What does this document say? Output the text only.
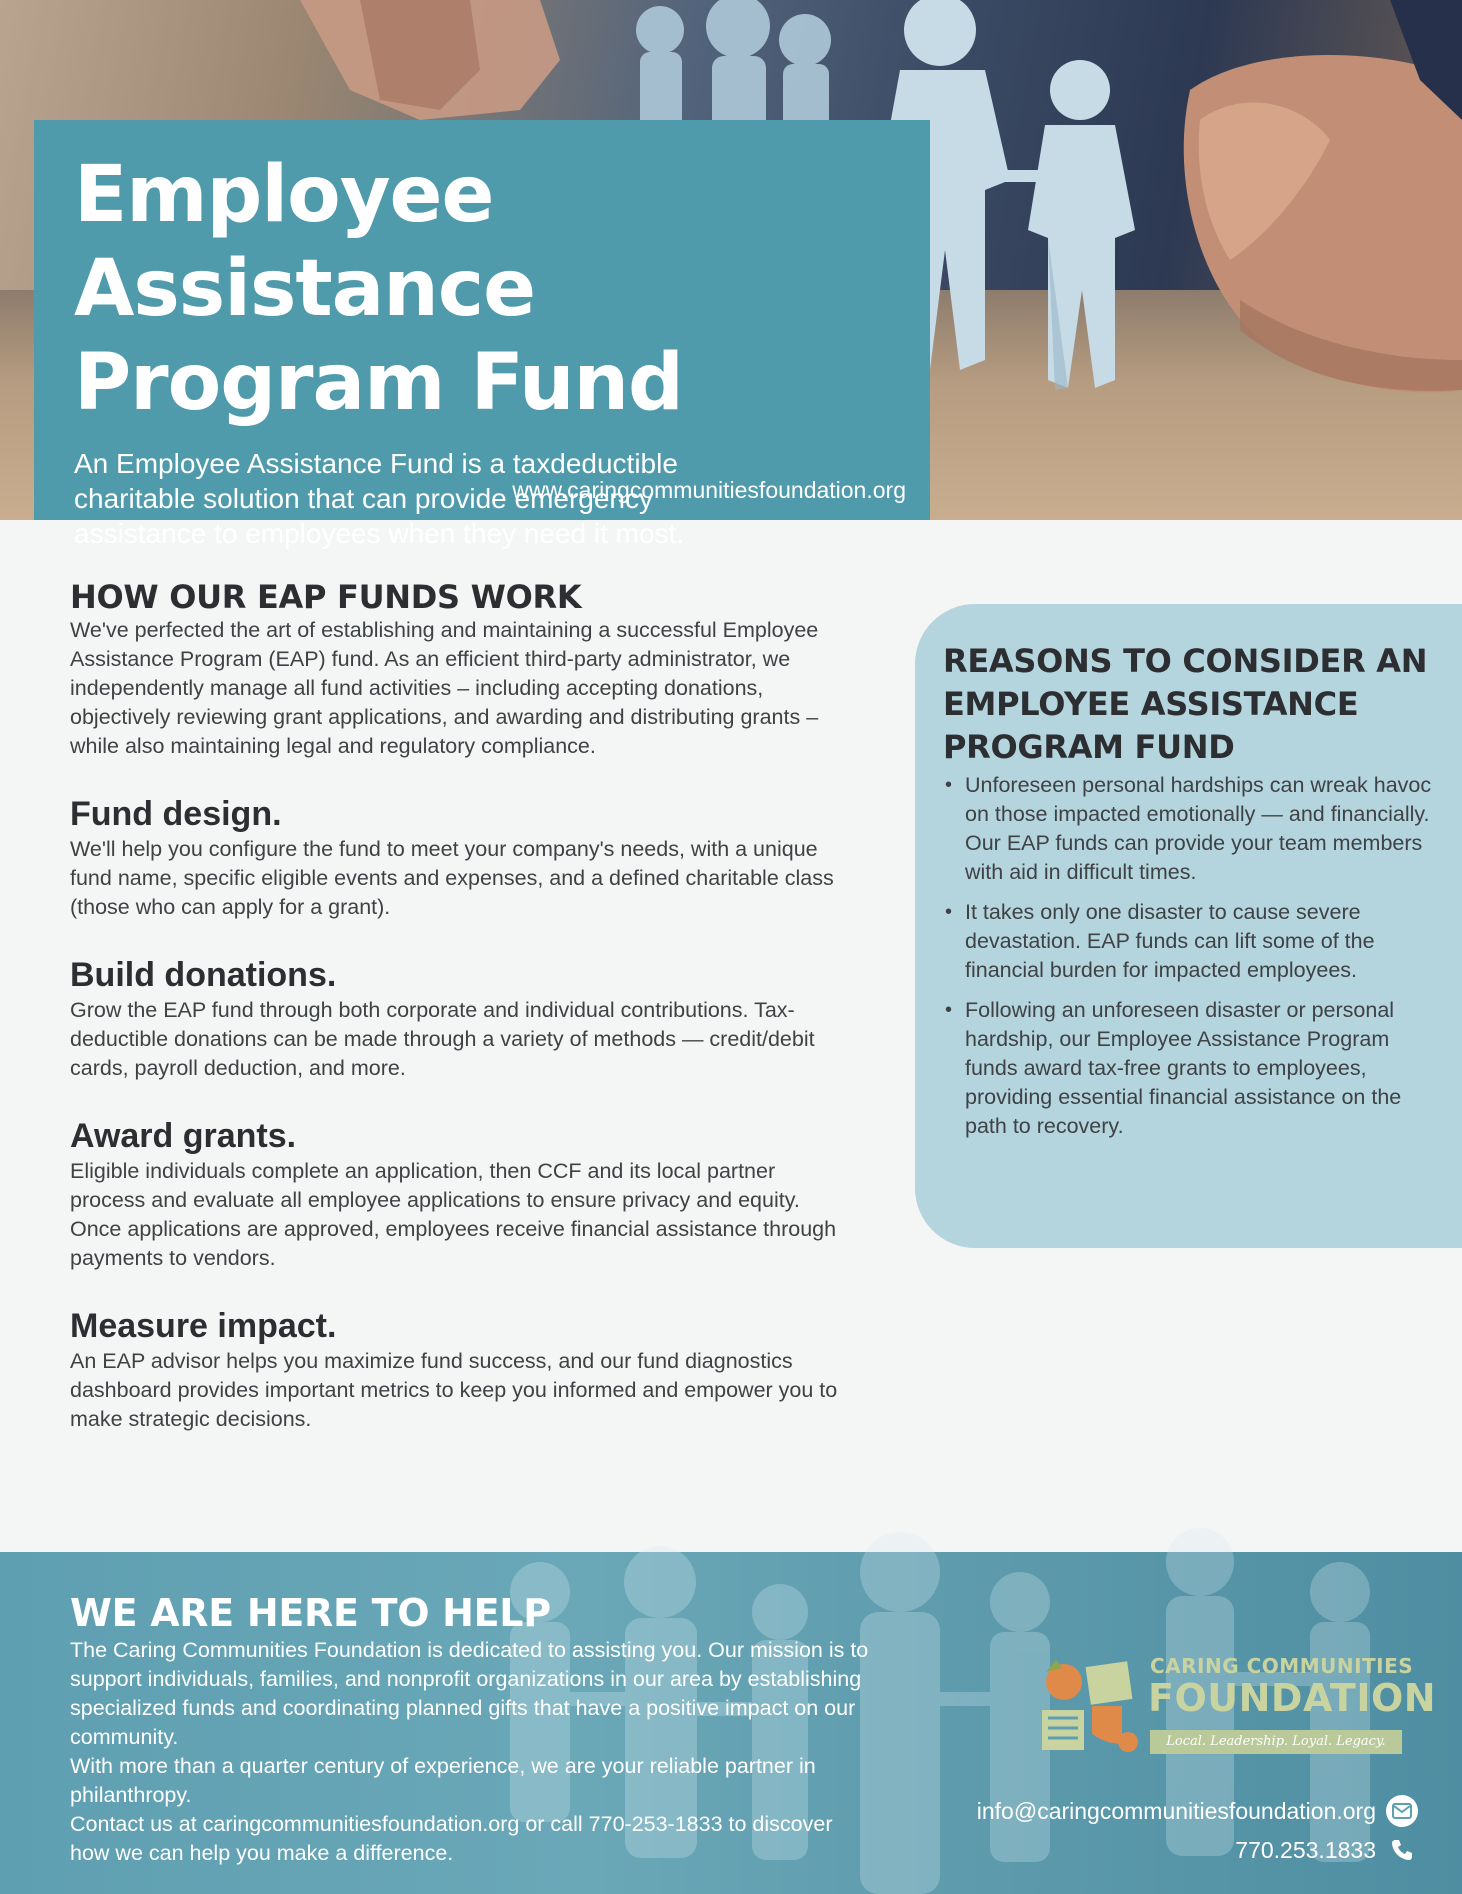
Employee Assistance
Program Fund

An Employee Assistance Fund is a taxdeductible charitable solution that can provide emergency assistance to employees when they need it most.

www.caringcommunitiesfoundation.org
HOW OUR EAP FUNDS WORK

We've perfected the art of establishing and maintaining a successful Employee Assistance Program (EAP) fund. As an efficient third-party administrator, we independently manage all fund activities – including accepting donations, objectively reviewing grant applications, and awarding and distributing grants – while also maintaining legal and regulatory compliance.

Fund design.

We'll help you configure the fund to meet your company's needs, with a unique fund name, specific eligible events and expenses, and a defined charitable class (those who can apply for a grant).

Build donations.

Grow the EAP fund through both corporate and individual contributions. Tax-deductible donations can be made through a variety of methods — credit/debit cards, payroll deduction, and more.

Award grants.

Eligible individuals complete an application, then CCF and its local partner process and evaluate all employee applications to ensure privacy and equity. Once applications are approved, employees receive financial assistance through payments to vendors.

Measure impact.

An EAP advisor helps you maximize fund success, and our fund diagnostics dashboard provides important metrics to keep you informed and empower you to make strategic decisions.

REASONS TO CONSIDER AN EMPLOYEE ASSISTANCE PROGRAM FUND
• Unforeseen personal hardships can wreak havoc on those impacted emotionally — and financially. Our EAP funds can provide your team members with aid in difficult times.
• It takes only one disaster to cause severe devastation. EAP funds can lift some of the financial burden for impacted employees.
• Following an unforeseen disaster or personal hardship, our Employee Assistance Program funds award tax-free grants to employees, providing essential financial assistance on the path to recovery.
WE ARE HERE TO HELP

The Caring Communities Foundation is dedicated to assisting you. Our mission is to support individuals, families, and nonprofit organizations in our area by establishing specialized funds and coordinating planned gifts that have a positive impact on our community.

With more than a quarter century of experience, we are your reliable partner in philanthropy.

Contact us at caringcommunitiesfoundation.org or call 770-253-1833 to discover how we can help you make a difference.

CARING COMMUNITIES
FOUNDATION
Local. Leadership. Loyal. Legacy.
info@caringcommunitiesfoundation.org
770.253.1833
